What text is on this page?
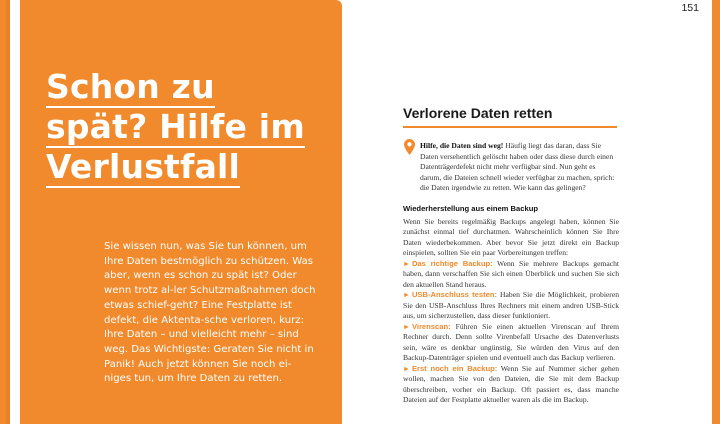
Schon zu
spät? Hilfe im
Verlustfall

Sie wissen nun, was Sie tun können, um Ihre Daten bestmöglich zu schützen. Was aber, wenn es schon zu spät ist? Oder wenn trotz al-ler Schutzmaßnahmen doch etwas schief-geht? Eine Festplatte ist defekt, die Aktenta-sche verloren, kurz: Ihre Daten – und vielleicht mehr – sind weg. Das Wichtigste: Geraten Sie nicht in Panik! Auch jetzt können Sie noch ei-niges tun, um Ihre Daten zu retten.

151
Verlorene Daten retten

Hilfe, die Daten sind weg! Häufig liegt das daran, dass Sie Daten versehentlich gelöscht haben oder dass diese durch einen Datenträgerdefekt nicht mehr verfügbar sind. Nun geht es darum, die Dateien schnell wieder verfügbar zu machen, sprich: die Daten irgendwie zu retten. Wie kann das gelingen?

Wiederherstellung aus einem Backup

Wenn Sie bereits regelmäßig Backups angelegt haben, können Sie zunächst einmal tief durchatmen. Wahrscheinlich können Sie Ihre Daten wiederbekommen. Aber bevor Sie jetzt direkt ein Backup einspielen, sollten Sie ein paar Vorbereitungen treffen:

► Das richtige Backup: Wenn Sie mehrere Backups gemacht haben, dann verschaffen Sie sich einen Überblick und suchen Sie sich den aktuellen Stand heraus.

► USB-Anschluss testen: Haben Sie die Möglichkeit, probieren Sie den USB-Anschluss Ihres Rechners mit einem andren USB-Stick aus, um sicherzustellen, dass dieser funktioniert.

► Virenscan: Führen Sie einen aktuellen Virenscan auf Ihrem Rechner durch. Denn sollte Virenbefall Ursache des Datenverlusts sein, wäre es denkbar ungünstig, Sie würden den Virus auf den Backup-Datenträger spielen und eventuell auch das Backup verlieren.

► Erst noch ein Backup: Wenn Sie auf Nummer sicher gehen wollen, machen Sie von den Dateien, die Sie mit dem Backup überschreiben, vorher ein Backup. Oft passiert es, dass manche Dateien auf der Festplatte aktueller waren als die im Backup.
